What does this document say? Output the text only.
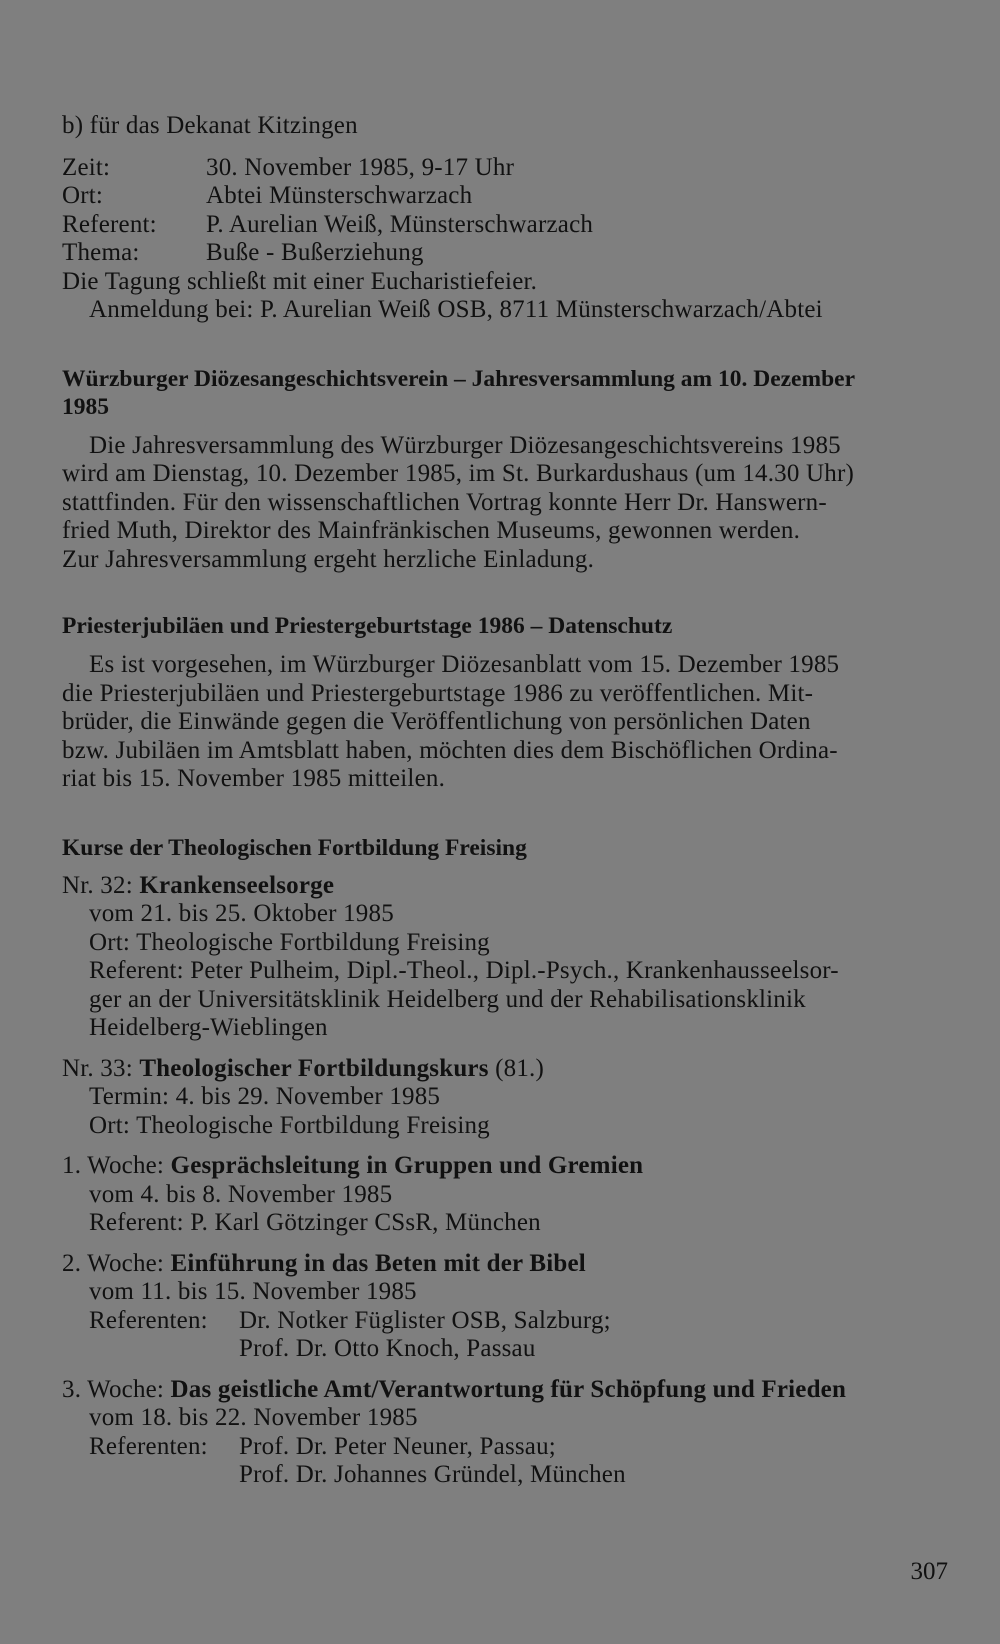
b) für das Dekanat Kitzingen
Zeit:	30. November 1985, 9-17 Uhr
Ort:	Abtei Münsterschwarzach
Referent: P. Aurelian Weiß, Münsterschwarzach
Thema:	Buße - Bußerziehung
Die Tagung schließt mit einer Eucharistiefeier.
Anmeldung bei: P. Aurelian Weiß OSB, 8711 Münsterschwarzach/Abtei
Würzburger Diözesangeschichtsverein – Jahresversammlung am 10. Dezember
1985
Die Jahresversammlung des Würzburger Diözesangeschichtsvereins 1985
wird am Dienstag, 10. Dezember 1985, im St. Burkardushaus (um 14.30 Uhr)
stattfinden. Für den wissenschaftlichen Vortrag konnte Herr Dr. Hanswern-
fried Muth, Direktor des Mainfränkischen Museums, gewonnen werden.
Zur Jahresversammlung ergeht herzliche Einladung.
Priesterjubiläen und Priestergeburtstage 1986 – Datenschutz
Es ist vorgesehen, im Würzburger Diözesanblatt vom 15. Dezember 1985
die Priesterjubiläen und Priestergeburtstage 1986 zu veröffentlichen. Mit-
brüder, die Einwände gegen die Veröffentlichung von persönlichen Daten
bzw. Jubiläen im Amtsblatt haben, möchten dies dem Bischöflichen Ordina-
riat bis 15. November 1985 mitteilen.
Kurse der Theologischen Fortbildung Freising
Nr. 32: Krankenseelsorge
vom 21. bis 25. Oktober 1985
Ort: Theologische Fortbildung Freising
Referent: Peter Pulheim, Dipl.-Theol., Dipl.-Psych., Krankenhausseelsor-
ger an der Universitätsklinik Heidelberg und der Rehabilisationsklinik
Heidelberg-Wieblingen
Nr. 33: Theologischer Fortbildungskurs (81.)
Termin: 4. bis 29. November 1985
Ort: Theologische Fortbildung Freising
1. Woche: Gesprächsleitung in Gruppen und Gremien
vom 4. bis 8. November 1985
Referent: P. Karl Götzinger CSsR, München
2. Woche: Einführung in das Beten mit der Bibel
vom 11. bis 15. November 1985
Referenten: Dr. Notker Füglister OSB, Salzburg;
Prof. Dr. Otto Knoch, Passau
3. Woche: Das geistliche Amt/Verantwortung für Schöpfung und Frieden
vom 18. bis 22. November 1985
Referenten: Prof. Dr. Peter Neuner, Passau;
Prof. Dr. Johannes Gründel, München
307
